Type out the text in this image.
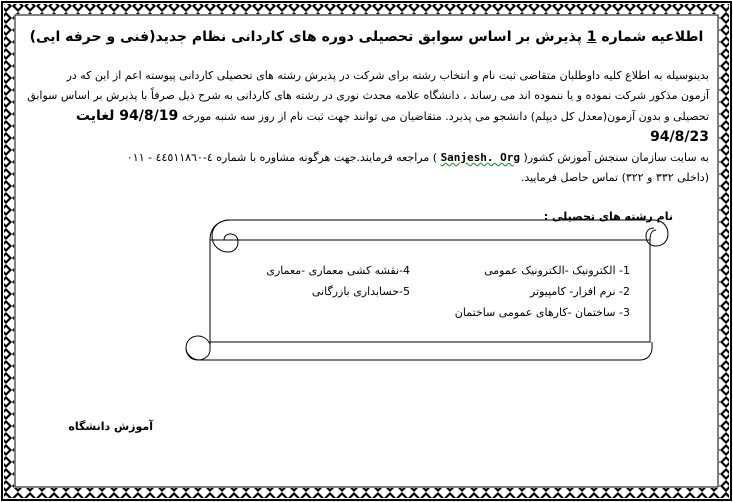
اطلاعیه شماره 1 پذیرش بر اساس سوابق تحصیلی دوره های کاردانی نظام جدید(فنی و حرفه ایی)
بدینوسیله به اطلاع کلیه داوطلبان متقاضی ثبت نام و انتخاب رشته برای شرکت در پذیرش رشته های تحصیلی کاردانی پیوسته اعم از این که در
آزمون مذکور شرکت نموده و یا ننموده اند می رساند ، دانشگاه علامه محدث نوری در رشته های کاردانی به شرح ذیل صرفاً با پذیرش بر اساس سوابق
تحصیلی و بدون آزمون(معدل کل دیپلم) دانشجو می پذیرد. متقاضیان می توانند جهت ثبت نام از روز سه شنبه مورخه 94/8/19 لغایت 94/8/23
به سایت سازمان سنجش آموزش کشور( Sanjesh. Org ) مراجعه فرمایند.جهت هرگونه مشاوره با شماره ٤-٤٤٥١١٨٦٠ - ٠١١
(داخلی ٣٣٢ و ٣٢٢) تماس حاصل فرمایید.
نام رشته های تحصیلی :
1- الکترونیک -الکترونیک عمومی
2- نرم افزار- کامپیوتر
3- ساختمان -کارهای عمومی ساختمان
4-نقشه کشی معماری -معماری
5-حسابداری بازرگانی
آموزش دانشگاه
